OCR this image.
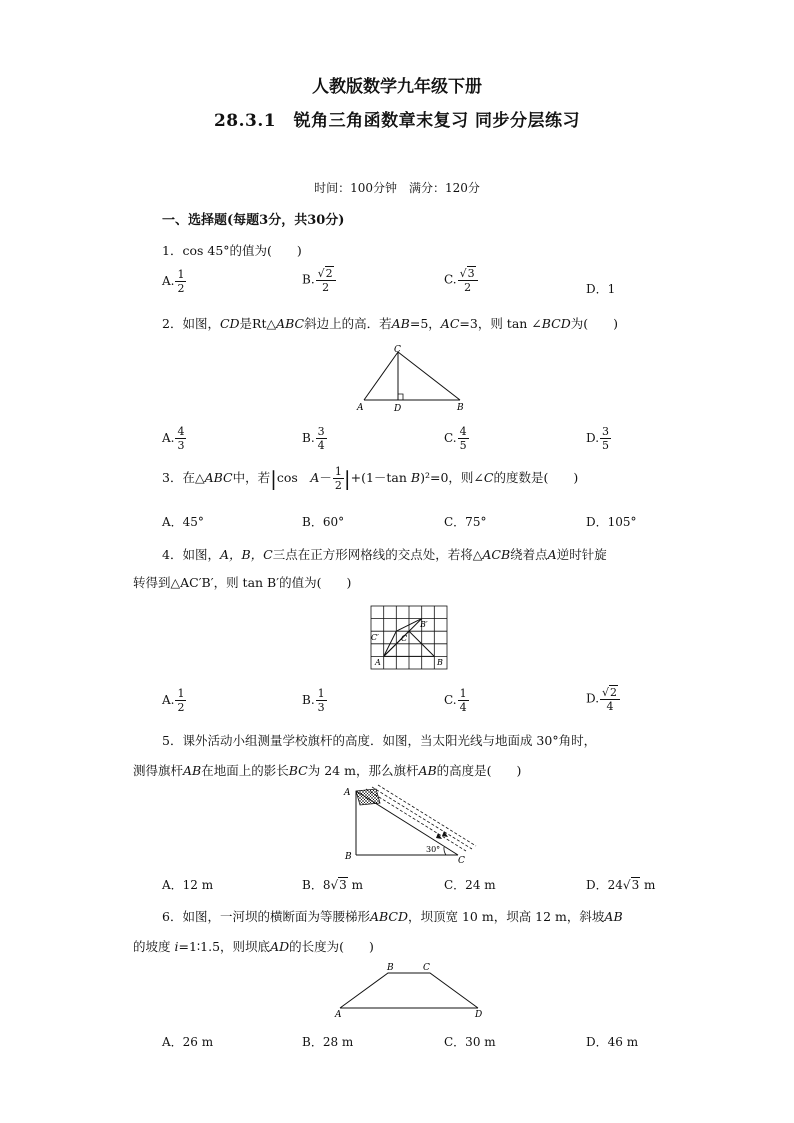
人教版数学九年级下册
28.3.1　锐角三角函数章末复习 同步分层练习
时间：100分钟　满分：120分
一、选择题(每题3分，共30分)
1．cos 45°的值为(　　)
A. $\frac{1}{2}$	B. $\frac{√2}{2}$	C. $\frac{√3}{2}$	D．1
2．如图，CD是Rt△ABC斜边上的高．若AB=5，AC=3，则 tan ∠BCD为(　　)
C
A	D	B
A. $\frac{4}{3}$	B. $\frac{3}{4}$	C. $\frac{4}{5}$	D. $\frac{3}{5}$
3．在△ABC中，若|cos　$A- \frac{1}{2} |+(1-\tan$ B)²=0，则∠C的度数是(　　)
A．45°	B．60°	C．75°	D．105°
4．如图，A，B，C三点在正方形网格线的交点处，若将△ACB绕着点A逆时针旋
转得到△AC′B′，则 tan B′的值为(　　)
B′
C′	C
A	B
A. $\frac{1}{2}$	B. $\frac{1}{3}$	C. $\frac{1}{4}$	D. $\frac{√2}{4}$
5．课外活动小组测量学校旗杆的高度．如图，当太阳光线与地面成 30°角时，
测得旗杆AB在地面上的影长BC为 24 m，那么旗杆AB的高度是(　　)
A
B	C
30°
A．12 m	B．8√3 m	C．24 m	D．24√3 m
6．如图，一河坝的横断面为等腰梯形ABCD，坝顶宽 10 m，坝高 12 m，斜坡AB
的坡度 i=1∶1.5，则坝底AD的长度为(　　)
B	C
A	D
A．26 m	B．28 m	C．30 m	D．46 m
